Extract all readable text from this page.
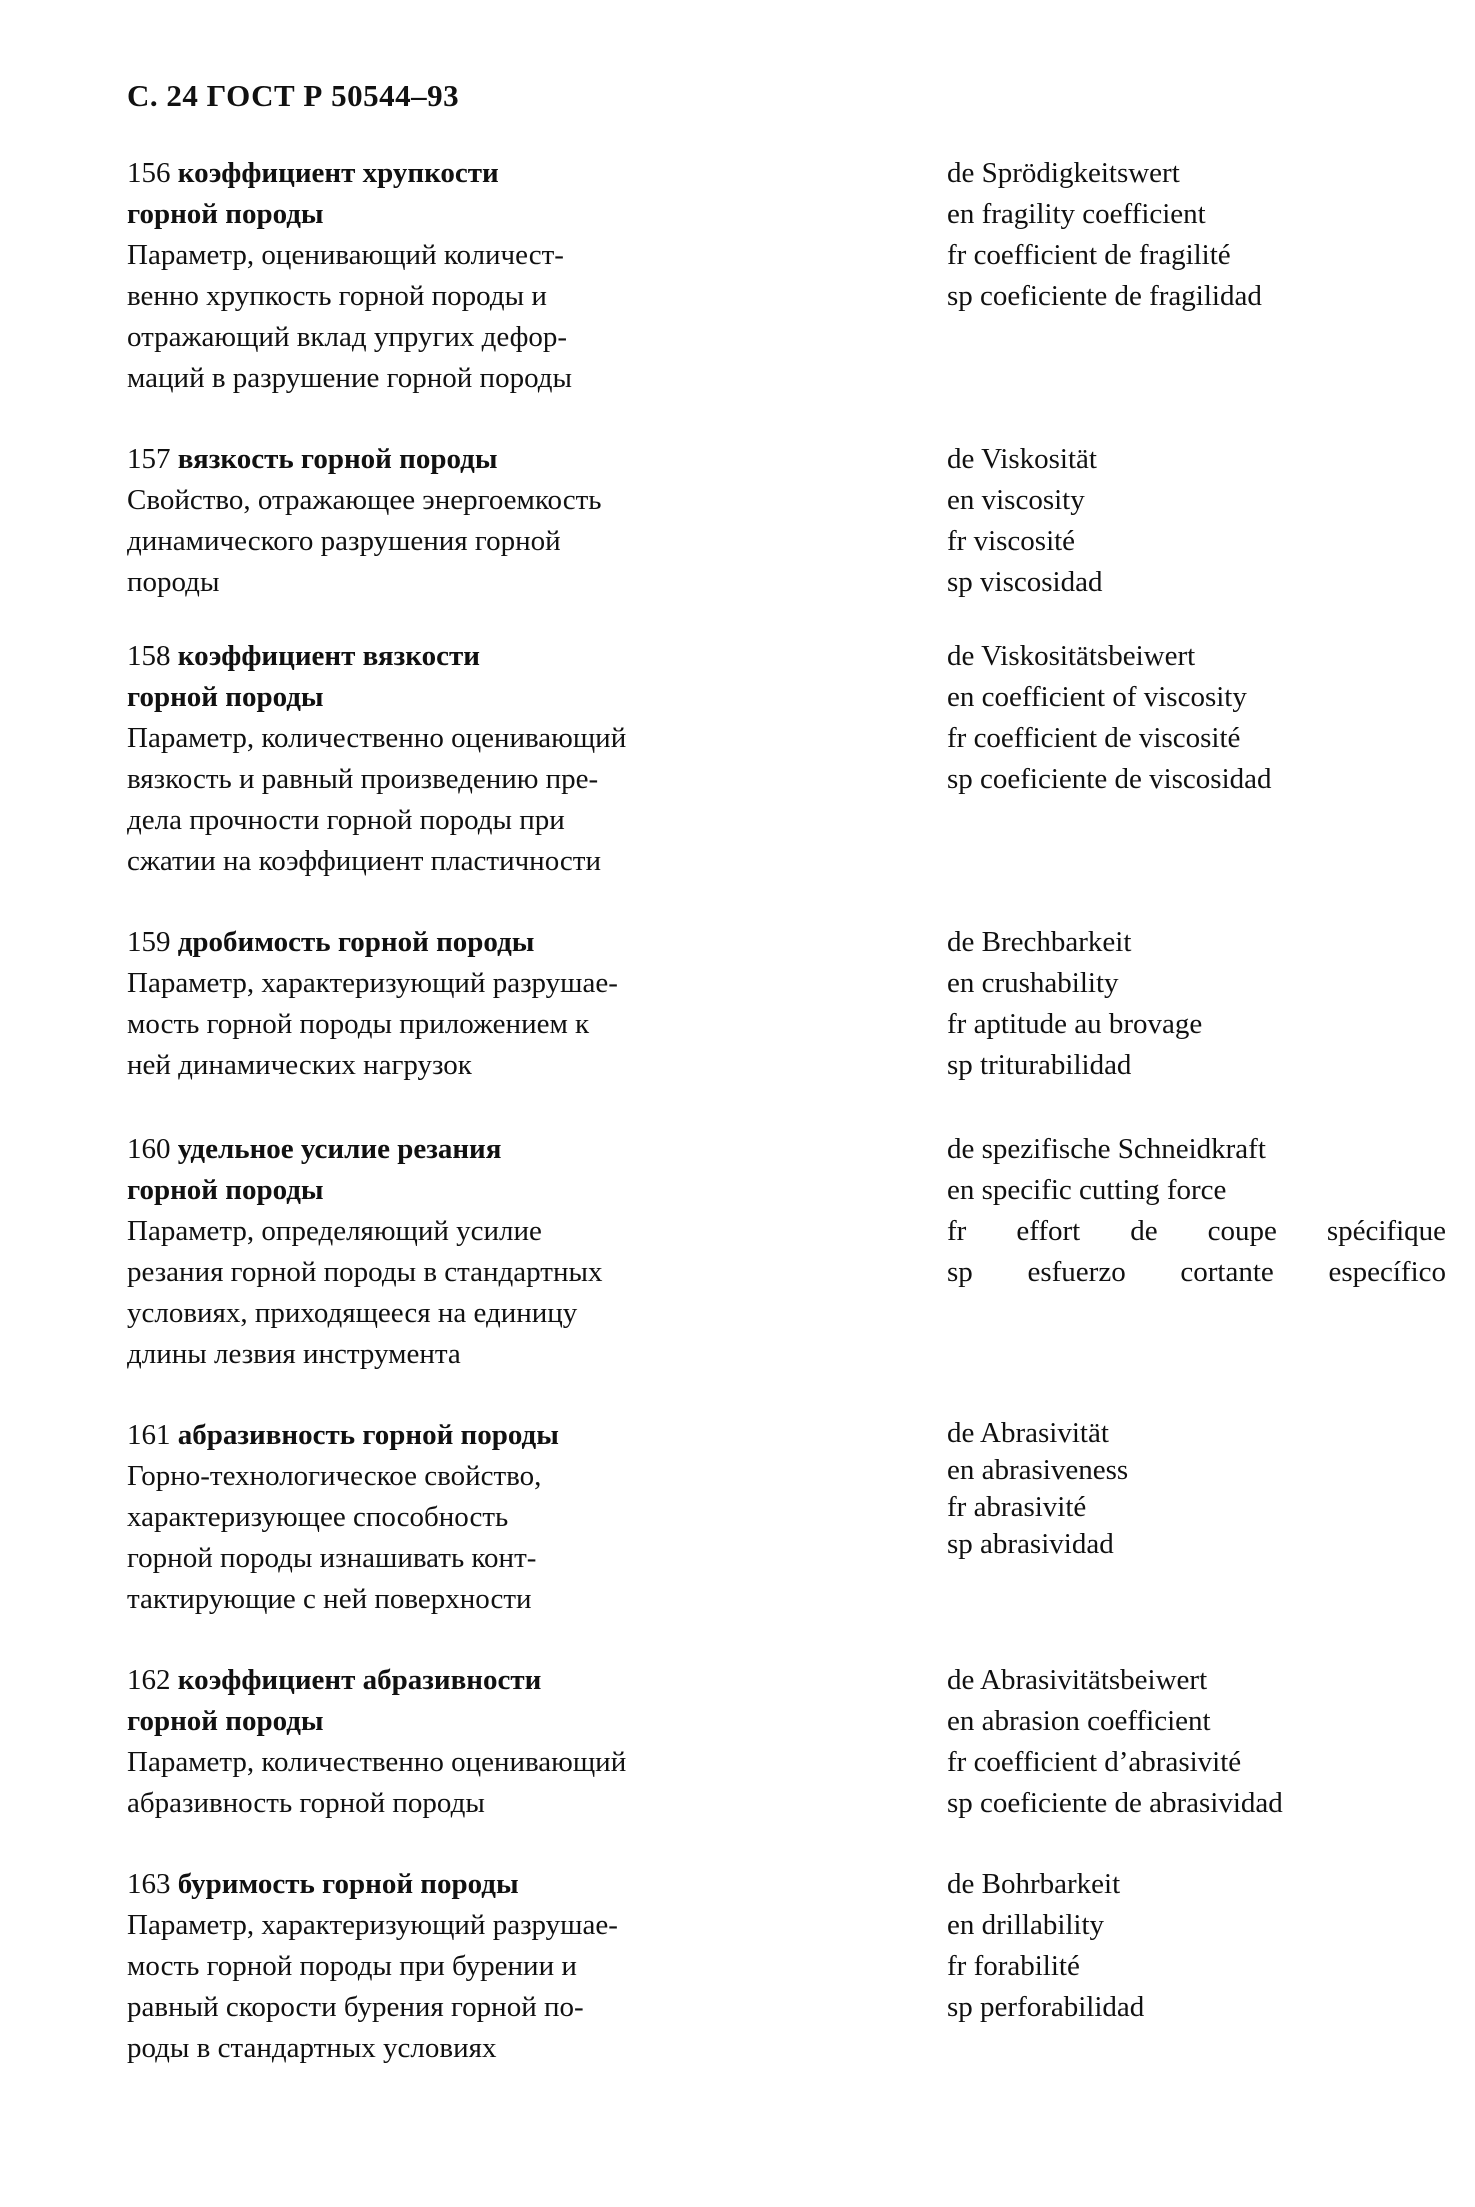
С. 24 ГОСТ Р 50544–93
156 коэффициент хрупкости
горной породы
Параметр, оценивающий количест-
венно хрупкость горной породы и
отражающий вклад упругих дефор-
маций в разрушение горной породы
de Sprödigkeitswert
en fragility coefficient
fr coefficient de fragilité
sp coeficiente de fragilidad
157 вязкость горной породы
Свойство, отражающее энергоемкость
динамического разрушения горной
породы
de Viskosität
en viscosity
fr viscosité
sp viscosidad
158 коэффициент вязкости
горной породы
Параметр, количественно оценивающий
вязкость и равный произведению пре-
дела прочности горной породы при
сжатии на коэффициент пластичности
de Viskositätsbeiwert
en coefficient of viscosity
fr coefficient de viscosité
sp coeficiente de viscosidad
159 дробимость горной породы
Параметр, характеризующий разрушае-
мость горной породы приложением к
ней динамических нагрузок
de Brechbarkeit
en crushability
fr aptitude au brovage
sp triturabilidad
160 удельное усилие резания
горной породы
Параметр, определяющий усилие
резания горной породы в стандартных
условиях, приходящееся на единицу
длины лезвия инструмента
de spezifische Schneidkraft
en specific cutting force
fr effort de coupe spécifique
sp esfuerzo cortante específico
161 абразивность горной породы
Горно-технологическое свойство,
характеризующее способность
горной породы изнашивать конт-
тактирующие с ней поверхности
de Abrasivität
en abrasiveness
fr abrasivité
sp abrasividad
162 коэффициент абразивности
горной породы
Параметр, количественно оценивающий
абразивность горной породы
de Abrasivitätsbeiwert
en abrasion coefficient
fr coefficient d’abrasivité
sp coeficiente de abrasividad
163 буримость горной породы
Параметр, характеризующий разрушае-
мость горной породы при бурении и
равный скорости бурения горной по-
роды в стандартных условиях
de Bohrbarkeit
en drillability
fr forabilité
sp perforabilidad
